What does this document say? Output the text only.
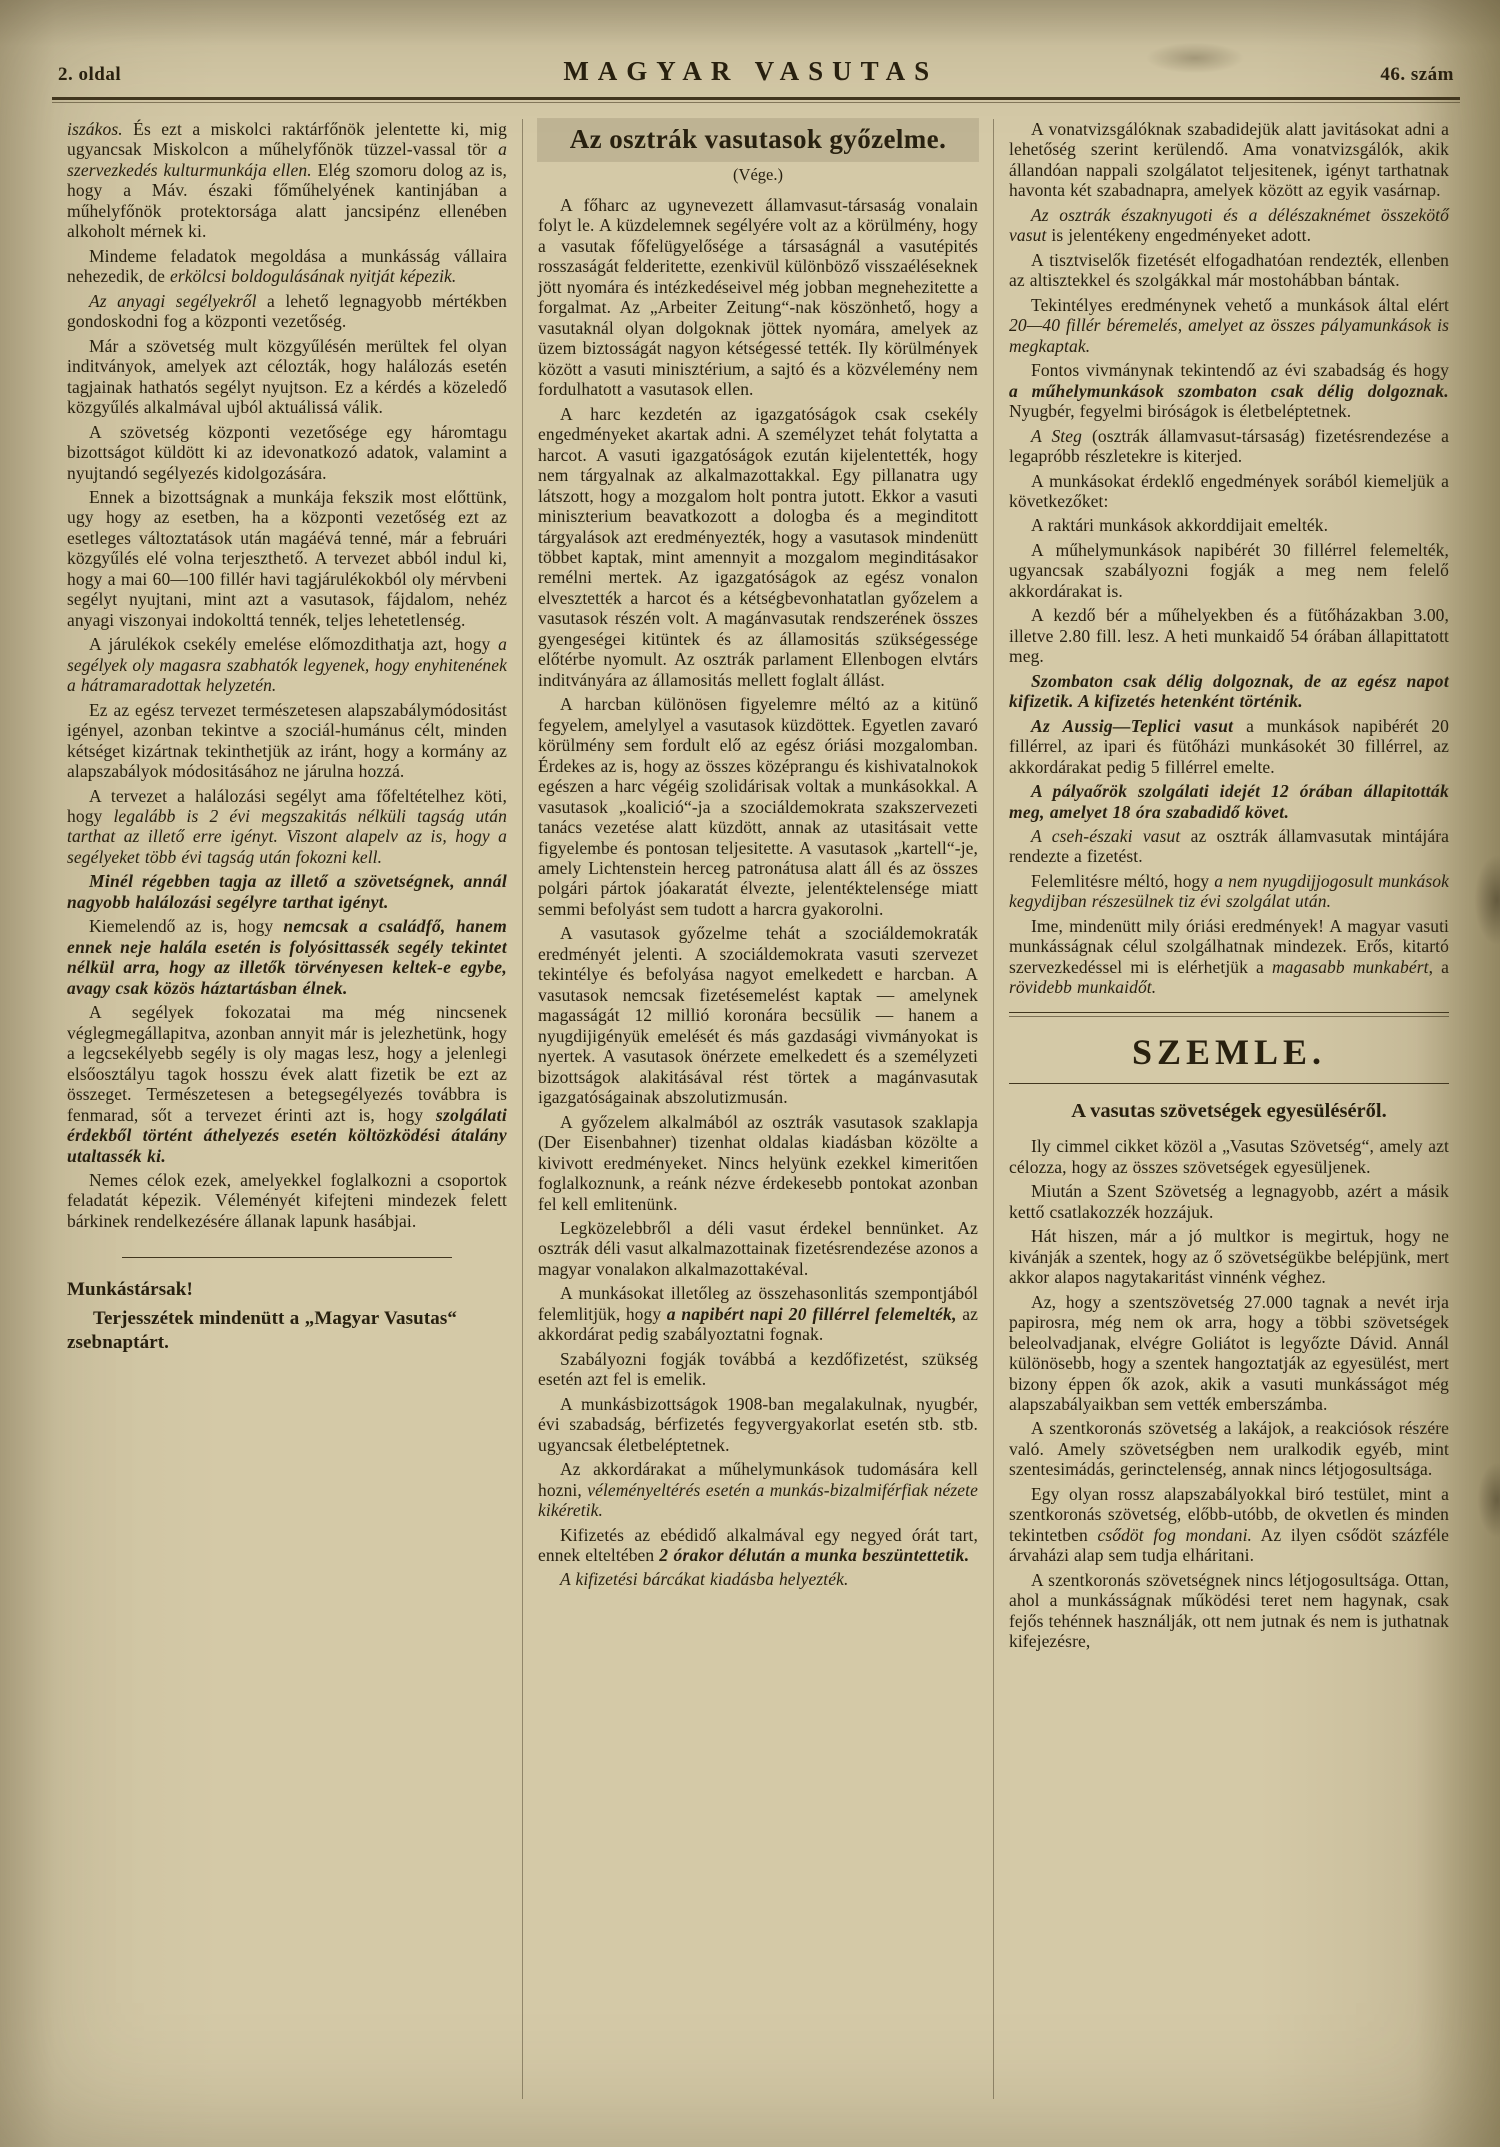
2. oldal	MAGYAR VASUTAS	46. szám

iszákos. És ezt a miskolci raktárfőnök jelentette ki, mig ugyancsak Miskolcon a műhelyfőnök tüzzel-vassal tör a szervezkedés kulturmunkája ellen. Elég szomoru dolog az is, hogy a Máv. északi főműhelyének kantinjában a műhelyfőnök protektorsága alatt jancsipénz ellenében alkoholt mérnek ki.

Mindeme feladatok megoldása a munkásság vállaira nehezedik, de erkölcsi boldogulásának nyitját képezik.

Az anyagi segélyekről a lehető legnagyobb mértékben gondoskodni fog a központi vezetőség.

Már a szövetség mult közgyűlésén merültek fel olyan inditványok, amelyek azt célozták, hogy halálozás esetén tagjainak hathatós segélyt nyujtson. Ez a kérdés a közeledő közgyűlés alkalmával ujból aktuálissá válik.

A szövetség központi vezetősége egy háromtagu bizottságot küldött ki az idevonatkozó adatok, valamint a nyujtandó segélyezés kidolgozására.

Ennek a bizottságnak a munkája fekszik most előttünk, ugy hogy az esetben, ha a központi vezetőség ezt az esetleges változtatások után magáévá tenné, már a februári közgyűlés elé volna terjeszthető. A tervezet abból indul ki, hogy a mai 60—100 fillér havi tagjárulékokból oly mérvbeni segélyt nyujtani, mint azt a vasutasok, fájdalom, nehéz anyagi viszonyai indokolttá tennék, teljes lehetetlenség.

A járulékok csekély emelése előmozdithatja azt, hogy a segélyek oly magasra szabhatók legyenek, hogy enyhitenének a hátramaradottak helyzetén.

Ez az egész tervezet természetesen alapszabálymódositást igényel, azonban tekintve a szociál-humánus célt, minden kétséget kizártnak tekinthetjük az iránt, hogy a kormány az alapszabályok módositásához ne járulna hozzá.

A tervezet a halálozási segélyt ama főfeltételhez köti, hogy legalább is 2 évi megszakitás nélküli tagság után tarthat az illető erre igényt. Viszont alapelv az is, hogy a segélyeket több évi tagság után fokozni kell.

Minél régebben tagja az illető a szövetségnek, annál nagyobb halálozási segélyre tarthat igényt.

Kiemelendő az is, hogy nemcsak a családfő, hanem ennek neje halála esetén is folyósittassék segély tekintet nélkül arra, hogy az illetők törvényesen keltek-e egybe, avagy csak közös háztartásban élnek.

A segélyek fokozatai ma még nincsenek véglegmegállapitva, azonban annyit már is jelezhetünk, hogy a legcsekélyebb segély is oly magas lesz, hogy a jelenlegi elsőosztályu tagok hosszu évek alatt fizetik be ezt az összeget. Természetesen a betegsegélyezés továbbra is fenmarad, sőt a tervezet érinti azt is, hogy szolgálati érdekből történt áthelyezés esetén költözködési átalány utaltassék ki.

Nemes célok ezek, amelyekkel foglalkozni a csoportok feladatát képezik. Véleményét kifejteni mindezek felett bárkinek rendelkezésére állanak lapunk hasábjai.

Munkástársak!

Terjesszétek mindenütt a „Magyar Vasutas“ zsebnaptárt.

Az osztrák vasutasok győzelme.
(Vége.)

A főharc az ugynevezett államvasut-társaság vonalain folyt le. A küzdelemnek segélyére volt az a körülmény, hogy a vasutak főfelügyelősége a társaságnál a vasutépités rosszaságát felderitette, ezenkivül különböző visszaéléseknek jött nyomára és intézkedéseivel még jobban megnehezitette a forgalmat. Az „Arbeiter Zeitung“-nak köszönhető, hogy a vasutaknál olyan dolgoknak jöttek nyomára, amelyek az üzem biztosságát nagyon kétségessé tették. Ily körülmények között a vasuti minisztérium, a sajtó és a közvélemény nem fordulhatott a vasutasok ellen.

A harc kezdetén az igazgatóságok csak csekély engedményeket akartak adni. A személyzet tehát folytatta a harcot. A vasuti igazgatóságok ezután kijelentették, hogy nem tárgyalnak az alkalmazottakkal. Egy pillanatra ugy látszott, hogy a mozgalom holt pontra jutott. Ekkor a vasuti miniszterium beavatkozott a dologba és a meginditott tárgyalások azt eredményezték, hogy a vasutasok mindenütt többet kaptak, mint amennyit a mozgalom meginditásakor remélni mertek. Az igazgatóságok az egész vonalon elvesztették a harcot és a kétségbevonhatatlan győzelem a vasutasok részén volt. A magánvasutak rendszerének összes gyengeségei kitüntek és az államositás szükségessége előtérbe nyomult. Az osztrák parlament Ellenbogen elvtárs inditványára az államositás mellett foglalt állást.

A harcban különösen figyelemre méltó az a kitünő fegyelem, amelylyel a vasutasok küzdöttek. Egyetlen zavaró körülmény sem fordult elő az egész óriási mozgalomban. Érdekes az is, hogy az összes középrangu és kishivatalnokok egészen a harc végéig szolidárisak voltak a munkásokkal. A vasutasok „koalició“-ja a szociáldemokrata szakszervezeti tanács vezetése alatt küzdött, annak az utasitásait vette figyelembe és pontosan teljesitette. A vasutasok „kartell“-je, amely Lichtenstein herceg patronátusa alatt áll és az összes polgári pártok jóakaratát élvezte, jelentéktelensége miatt semmi befolyást sem tudott a harcra gyakorolni.

A vasutasok győzelme tehát a szociáldemokraták eredményét jelenti. A szociáldemokrata vasuti szervezet tekintélye és befolyása nagyot emelkedett e harcban. A vasutasok nemcsak fizetésemelést kaptak — amelynek magasságát 12 millió koronára becsülik — hanem a nyugdijigényük emelését és más gazdasági vivmányokat is nyertek. A vasutasok önérzete emelkedett és a személyzeti bizottságok alakitásával rést törtek a magánvasutak igazgatóságainak abszolutizmusán.

A győzelem alkalmából az osztrák vasutasok szaklapja (Der Eisenbahner) tizenhat oldalas kiadásban közölte a kivivott eredményeket. Nincs helyünk ezekkel kimeritően foglalkoznunk, a reánk nézve érdekesebb pontokat azonban fel kell emlitenünk.

Legközelebbről a déli vasut érdekel bennünket. Az osztrák déli vasut alkalmazottainak fizetésrendezése azonos a magyar vonalakon alkalmazottakéval.

A munkásokat illetőleg az összehasonlitás szempontjából felemlitjük, hogy a napibért napi 20 fillérrel felemelték, az akkordárat pedig szabályoztatni fognak.

Szabályozni fogják továbbá a kezdőfizetést, szükség esetén azt fel is emelik.

A munkásbizottságok 1908-ban megalakulnak, nyugbér, évi szabadság, bérfizetés fegyvergyakorlat esetén stb. stb. ugyancsak életbeléptetnek.

Az akkordárakat a műhelymunkások tudomására kell hozni, véleményeltérés esetén a munkás-bizalmiférfiak nézete kikéretik.

Kifizetés az ebédidő alkalmával egy negyed órát tart, ennek elteltében 2 órakor délután a munka beszüntettetik.

A kifizetési bárcákat kiadásba helyezték.

A vonatvizsgálóknak szabadidejük alatt javitásokat adni a lehetőség szerint kerülendő. Ama vonatvizsgálók, akik állandóan nappali szolgálatot teljesitenek, igényt tarthatnak havonta két szabadnapra, amelyek között az egyik vasárnap.

Az osztrák északnyugoti és a délészaknémet összekötő vasut is jelentékeny engedményeket adott.

A tisztviselők fizetését elfogadhatóan rendezték, ellenben az altisztekkel és szolgákkal már mostohábban bántak.

Tekintélyes eredménynek vehető a munkások által elért 20—40 fillér béremelés, amelyet az összes pályamunkások is megkaptak.

Fontos vivmánynak tekintendő az évi szabadság és hogy a műhelymunkások szombaton csak délig dolgoznak. Nyugbér, fegyelmi biróságok is életbeléptetnek.

A Steg (osztrák államvasut-társaság) fizetésrendezése a legapróbb részletekre is kiterjed.

A munkásokat érdeklő engedmények sorából kiemeljük a következőket:

A raktári munkások akkorddijait emelték.

A műhelymunkások napibérét 30 fillérrel felemelték, ugyancsak szabályozni fogják a meg nem felelő akkordárakat is.

A kezdő bér a műhelyekben és a fütőházakban 3.00, illetve 2.80 fill. lesz. A heti munkaidő 54 órában állapittatott meg.

Szombaton csak délig dolgoznak, de az egész napot kifizetik. A kifizetés hetenként történik.

Az Aussig—Teplici vasut a munkások napibérét 20 fillérrel, az ipari és fütőházi munkásokét 30 fillérrel, az akkordárakat pedig 5 fillérrel emelte.

A pályaőrök szolgálati idejét 12 órában állapitották meg, amelyet 18 óra szabadidő követ.

A cseh-északi vasut az osztrák államvasutak mintájára rendezte a fizetést.

Felemlitésre méltó, hogy a nem nyugdijjogosult munkások kegydijban részesülnek tiz évi szolgálat után.

Ime, mindenütt mily óriási eredmények! A magyar vasuti munkásságnak célul szolgálhatnak mindezek. Erős, kitartó szervezkedéssel mi is elérhetjük a magasabb munkabért, a rövidebb munkaidőt.

SZEMLE.
A vasutas szövetségek egyesüléséről.

Ily cimmel cikket közöl a „Vasutas Szövetség“, amely azt célozza, hogy az összes szövetségek egyesüljenek.

Miután a Szent Szövetség a legnagyobb, azért a másik kettő csatlakozzék hozzájuk.

Hát hiszen, már a jó multkor is megirtuk, hogy ne kivánják a szentek, hogy az ő szövetségükbe belépjünk, mert akkor alapos nagytakaritást vinnénk véghez.

Az, hogy a szentszövetség 27.000 tagnak a nevét irja papirosra, még nem ok arra, hogy a többi szövetségek beleolvadjanak, elvégre Goliátot is legyőzte Dávid. Annál különösebb, hogy a szentek hangoztatják az egyesülést, mert bizony éppen ők azok, akik a vasuti munkásságot még alapszabályaikban sem vették emberszámba.

A szentkoronás szövetség a lakájok, a reakciósok részére való. Amely szövetségben nem uralkodik egyéb, mint szentesimádás, gerinctelenség, annak nincs létjogosultsága.

Egy olyan rossz alapszabályokkal biró testület, mint a szentkoronás szövetség, előbb-utóbb, de okvetlen és minden tekintetben csődöt fog mondani. Az ilyen csődöt százféle árvaházi alap sem tudja elháritani.

A szentkoronás szövetségnek nincs létjogosultsága. Ottan, ahol a munkásságnak működési teret nem hagynak, csak fejős tehénnek használják, ott nem jutnak és nem is juthatnak kifejezésre,
